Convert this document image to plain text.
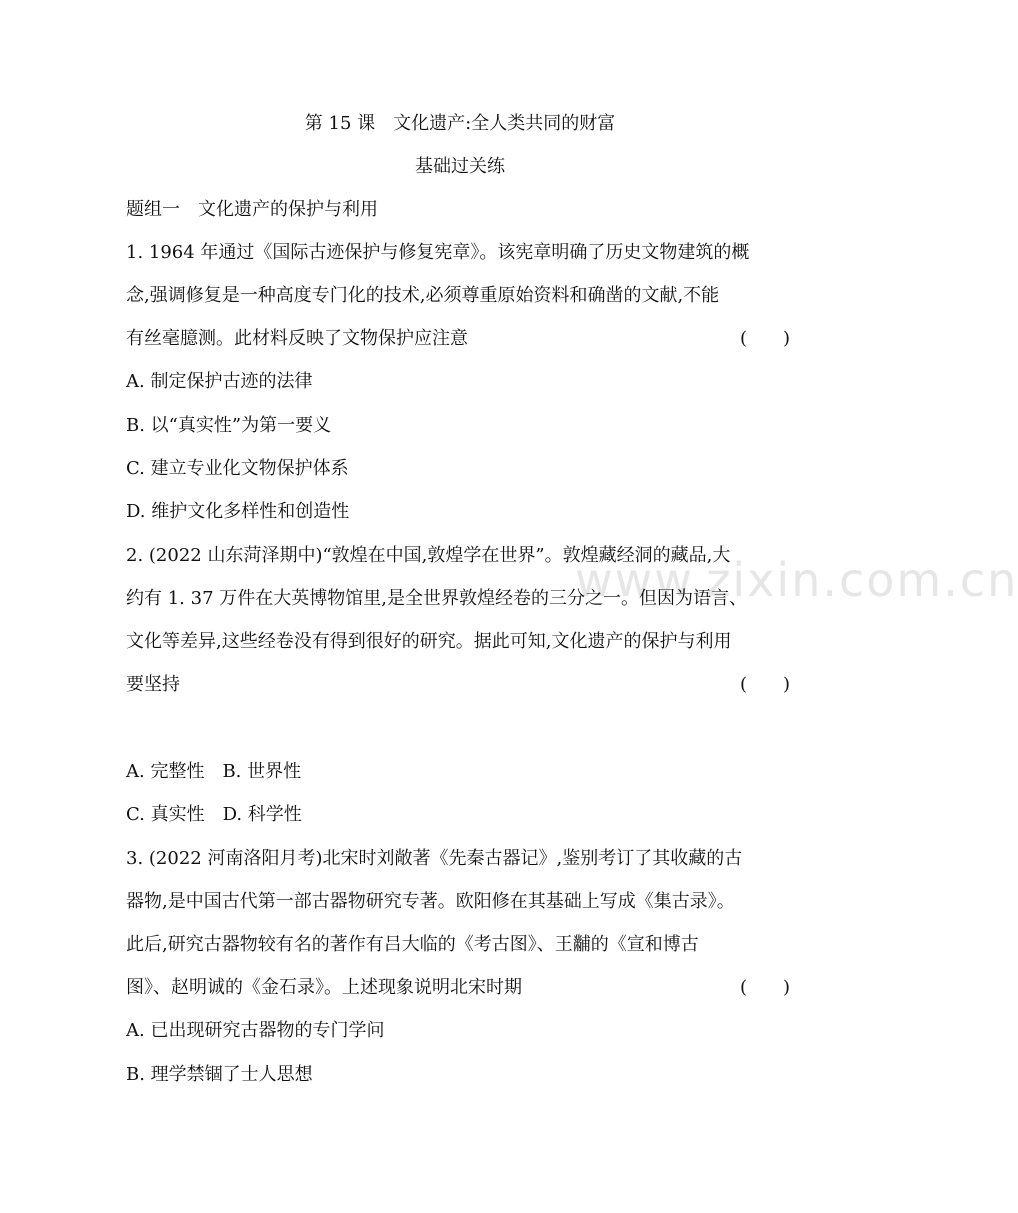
www.zixin.com.cn
第 15 课　文化遗产:全人类共同的财富
基础过关练
题组一　文化遗产的保护与利用
1. 1964 年通过《国际古迹保护与修复宪章》。该宪章明确了历史文物建筑的概
念,强调修复是一种高度专门化的技术,必须尊重原始资料和确凿的文献,不能
有丝毫臆测。此材料反映了文物保护应注意	(　　)
A. 制定保护古迹的法律
B. 以“真实性”为第一要义
C. 建立专业化文物保护体系
D. 维护文化多样性和创造性
2. (2022 山东菏泽期中)“敦煌在中国,敦煌学在世界”。敦煌藏经洞的藏品,大
约有 1. 37 万件在大英博物馆里,是全世界敦煌经卷的三分之一。但因为语言、
文化等差异,这些经卷没有得到很好的研究。据此可知,文化遗产的保护与利用
要坚持	(　　)
A. 完整性　B. 世界性
C. 真实性　D. 科学性
3. (2022 河南洛阳月考)北宋时刘敞著《先秦古器记》,鉴别考订了其收藏的古
器物,是中国古代第一部古器物研究专著。欧阳修在其基础上写成《集古录》。
此后,研究古器物较有名的著作有吕大临的《考古图》、王黼的《宣和博古
图》、赵明诚的《金石录》。上述现象说明北宋时期	(　　)
A. 已出现研究古器物的专门学问
B. 理学禁锢了士人思想
